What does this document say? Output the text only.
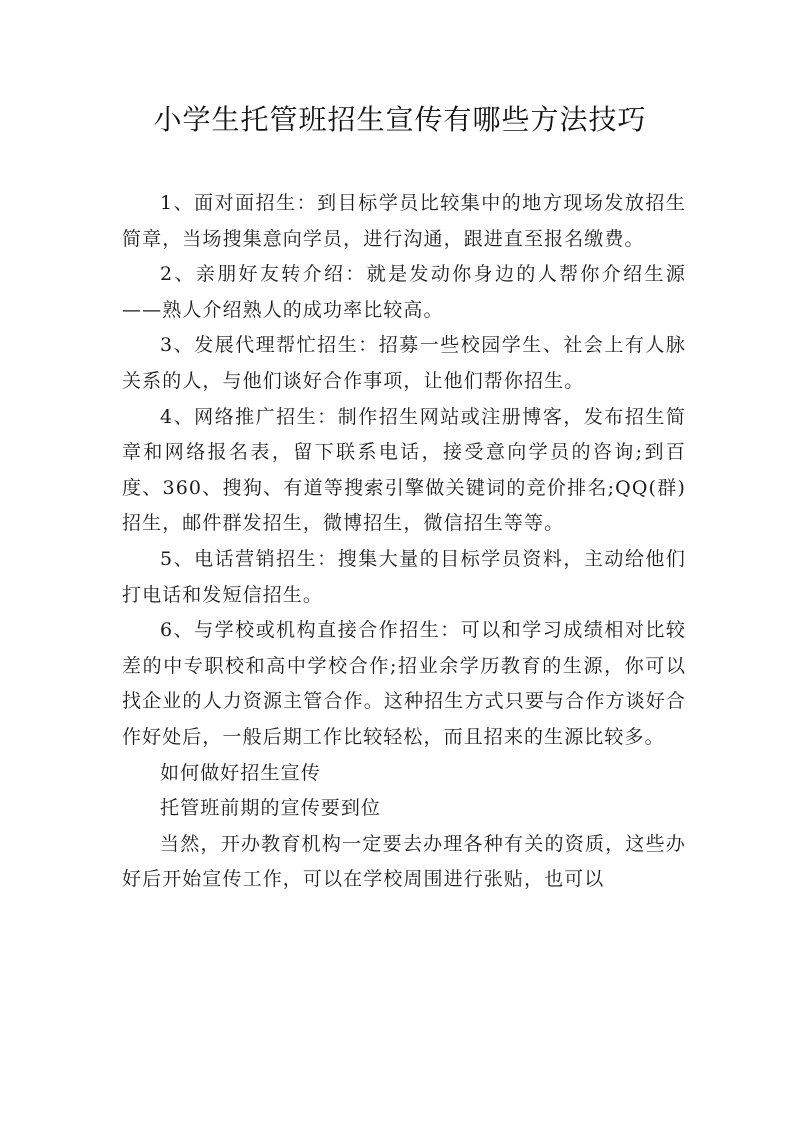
小学生托管班招生宣传有哪些方法技巧

1、面对面招生：到目标学员比较集中的地方现场发放招生简章，当场搜集意向学员，进行沟通，跟进直至报名缴费。

2、亲朋好友转介绍：就是发动你身边的人帮你介绍生源——熟人介绍熟人的成功率比较高。

3、发展代理帮忙招生：招募一些校园学生、社会上有人脉关系的人，与他们谈好合作事项，让他们帮你招生。

4、网络推广招生：制作招生网站或注册博客，发布招生简章和网络报名表，留下联系电话，接受意向学员的咨询;到百度、360、搜狗、有道等搜索引擎做关键词的竞价排名;QQ(群)招生，邮件群发招生，微博招生，微信招生等等。

5、电话营销招生：搜集大量的目标学员资料，主动给他们打电话和发短信招生。

6、与学校或机构直接合作招生：可以和学习成绩相对比较差的中专职校和高中学校合作;招业余学历教育的生源，你可以找企业的人力资源主管合作。这种招生方式只要与合作方谈好合作好处后，一般后期工作比较轻松，而且招来的生源比较多。

如何做好招生宣传

托管班前期的宣传要到位

当然，开办教育机构一定要去办理各种有关的资质，这些办好后开始宣传工作，可以在学校周围进行张贴，也可以
